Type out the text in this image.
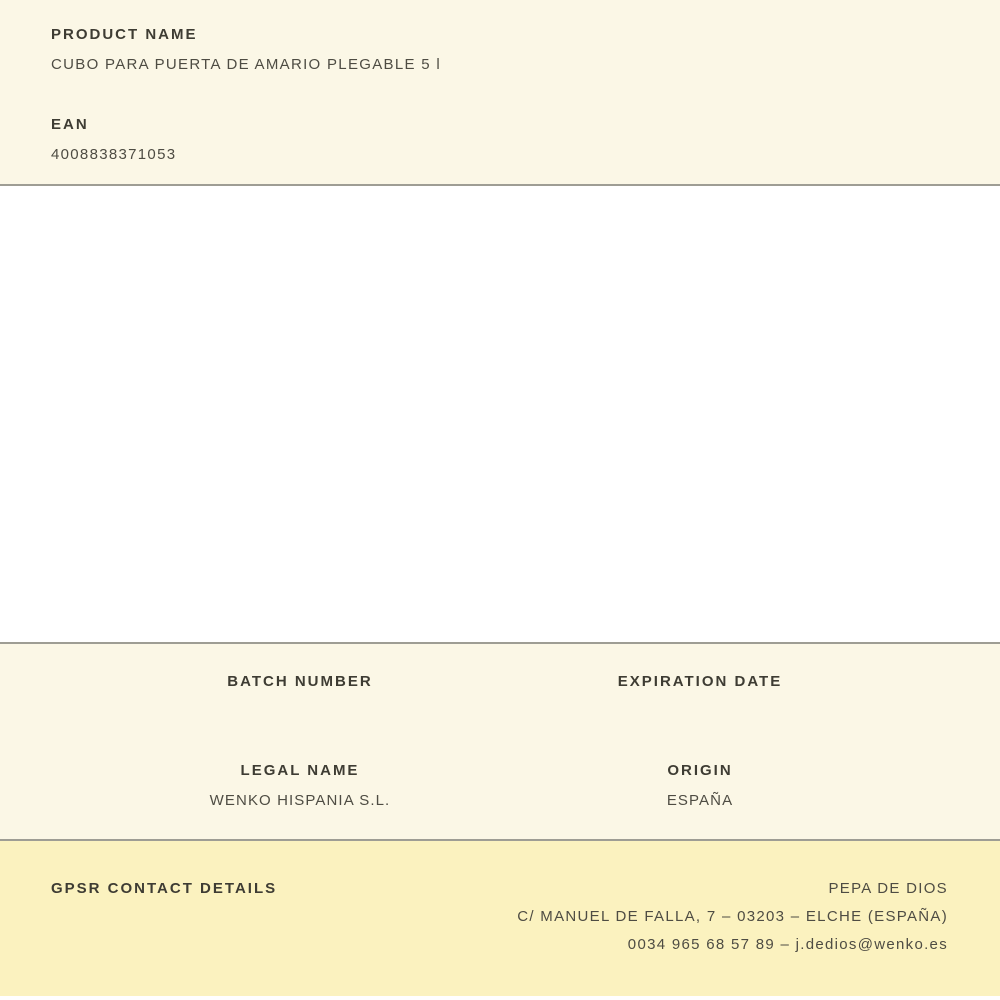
PRODUCT NAME
CUBO PARA PUERTA DE AMARIO PLEGABLE 5 l
EAN
4008838371053
BATCH NUMBER	EXPIRATION DATE
LEGAL NAME
WENKO HISPANIA S.L.
ORIGIN
ESPAÑA
GPSR CONTACT DETAILS	PEPA DE DIOS
C/ MANUEL DE FALLA, 7 – 03203 – ELCHE (ESPAÑA)
0034 965 68 57 89 – j.dedios@wenko.es
